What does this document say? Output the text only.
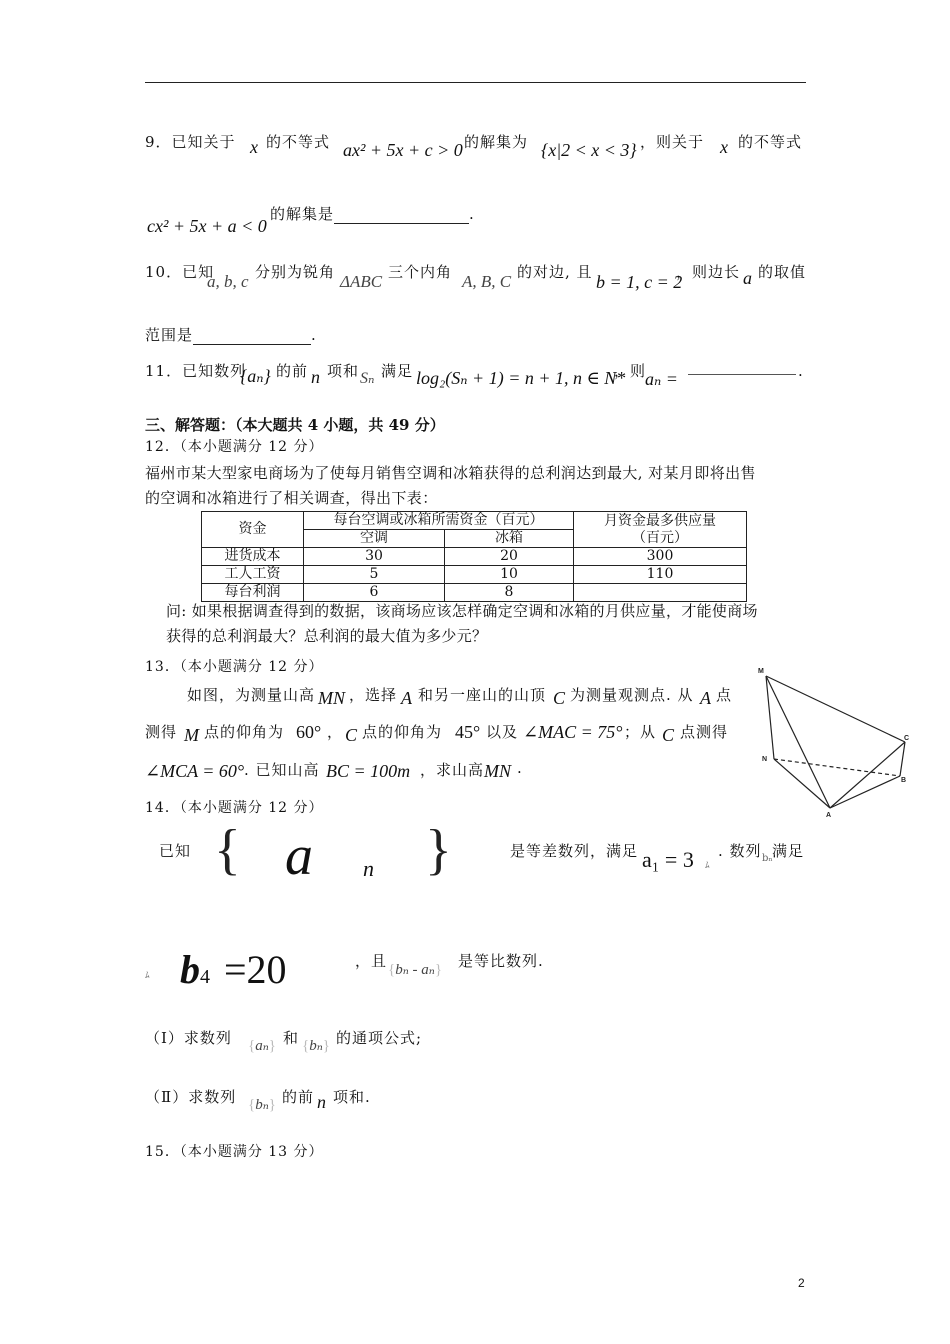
9．已知关于 x 的不等式 ax² + 5x + c > 0 的解集为 {x|2 < x < 3} ，则关于 x 的不等式
的解集是	.
cx² + 5x + a < 0
10．已知
a, b, c 分别为锐角 ΔABC 三个内角 A, B, C 的对边, 且 b = 1, c = 2
，则边长 a 的取值
范围是	.
11．已知数列
{aₙ} 的前 n 项和 Sₙ 满足 log₂(Sₙ + 1) = n + 1, n ∈ N*
，则
aₙ =	.
三、解答题：（本大题共 4 小题，共 49 分）
12．（本小题满分 12 分）
福州市某大型家电商场为了使每月销售空调和冰箱获得的总利润达到最大, 对某月即将出售
的空调和冰箱进行了相关调查，得出下表：
资金	每台空调或冰箱所需资金（百元）		月资金最多供应量
（百元）
	空调	冰箱	
进货成本	30	20	300
工人工资	5	10	110
每台利润	6	8	
问: 如果根据调查得到的数据，该商场应该怎样确定空调和冰箱的月供应量，才能使商场
获得的总利润最大？总利润的最大值为多少元？
13．（本小题满分 12 分）
如图，为测量山高 MN ，选择 A 和另一座山的山顶 C 为测量观测点. 从 A 点
测得 M 点的仰角为 60° ， C 点的仰角为 45° 以及 ∠MAC = 75° ；从 C 点测得
∠MCA = 60° . 已知山高 BC = 100m ，求山高 MN .
M
N
A
B
C
14．（本小题满分 12 分）
已知 { a n }	是等差数列，满足 a₁ = 3 ﾑ
. 数列 bₙ 满足
ﾑ b4 =20	，且 {bₙ - aₙ} 是等比数列.
（Ⅰ）求数列 {aₙ} 和 {bₙ} 的通项公式;
（Ⅱ）求数列 {bₙ} 的前 n 项和.
15．（本小题满分 13 分）
2
